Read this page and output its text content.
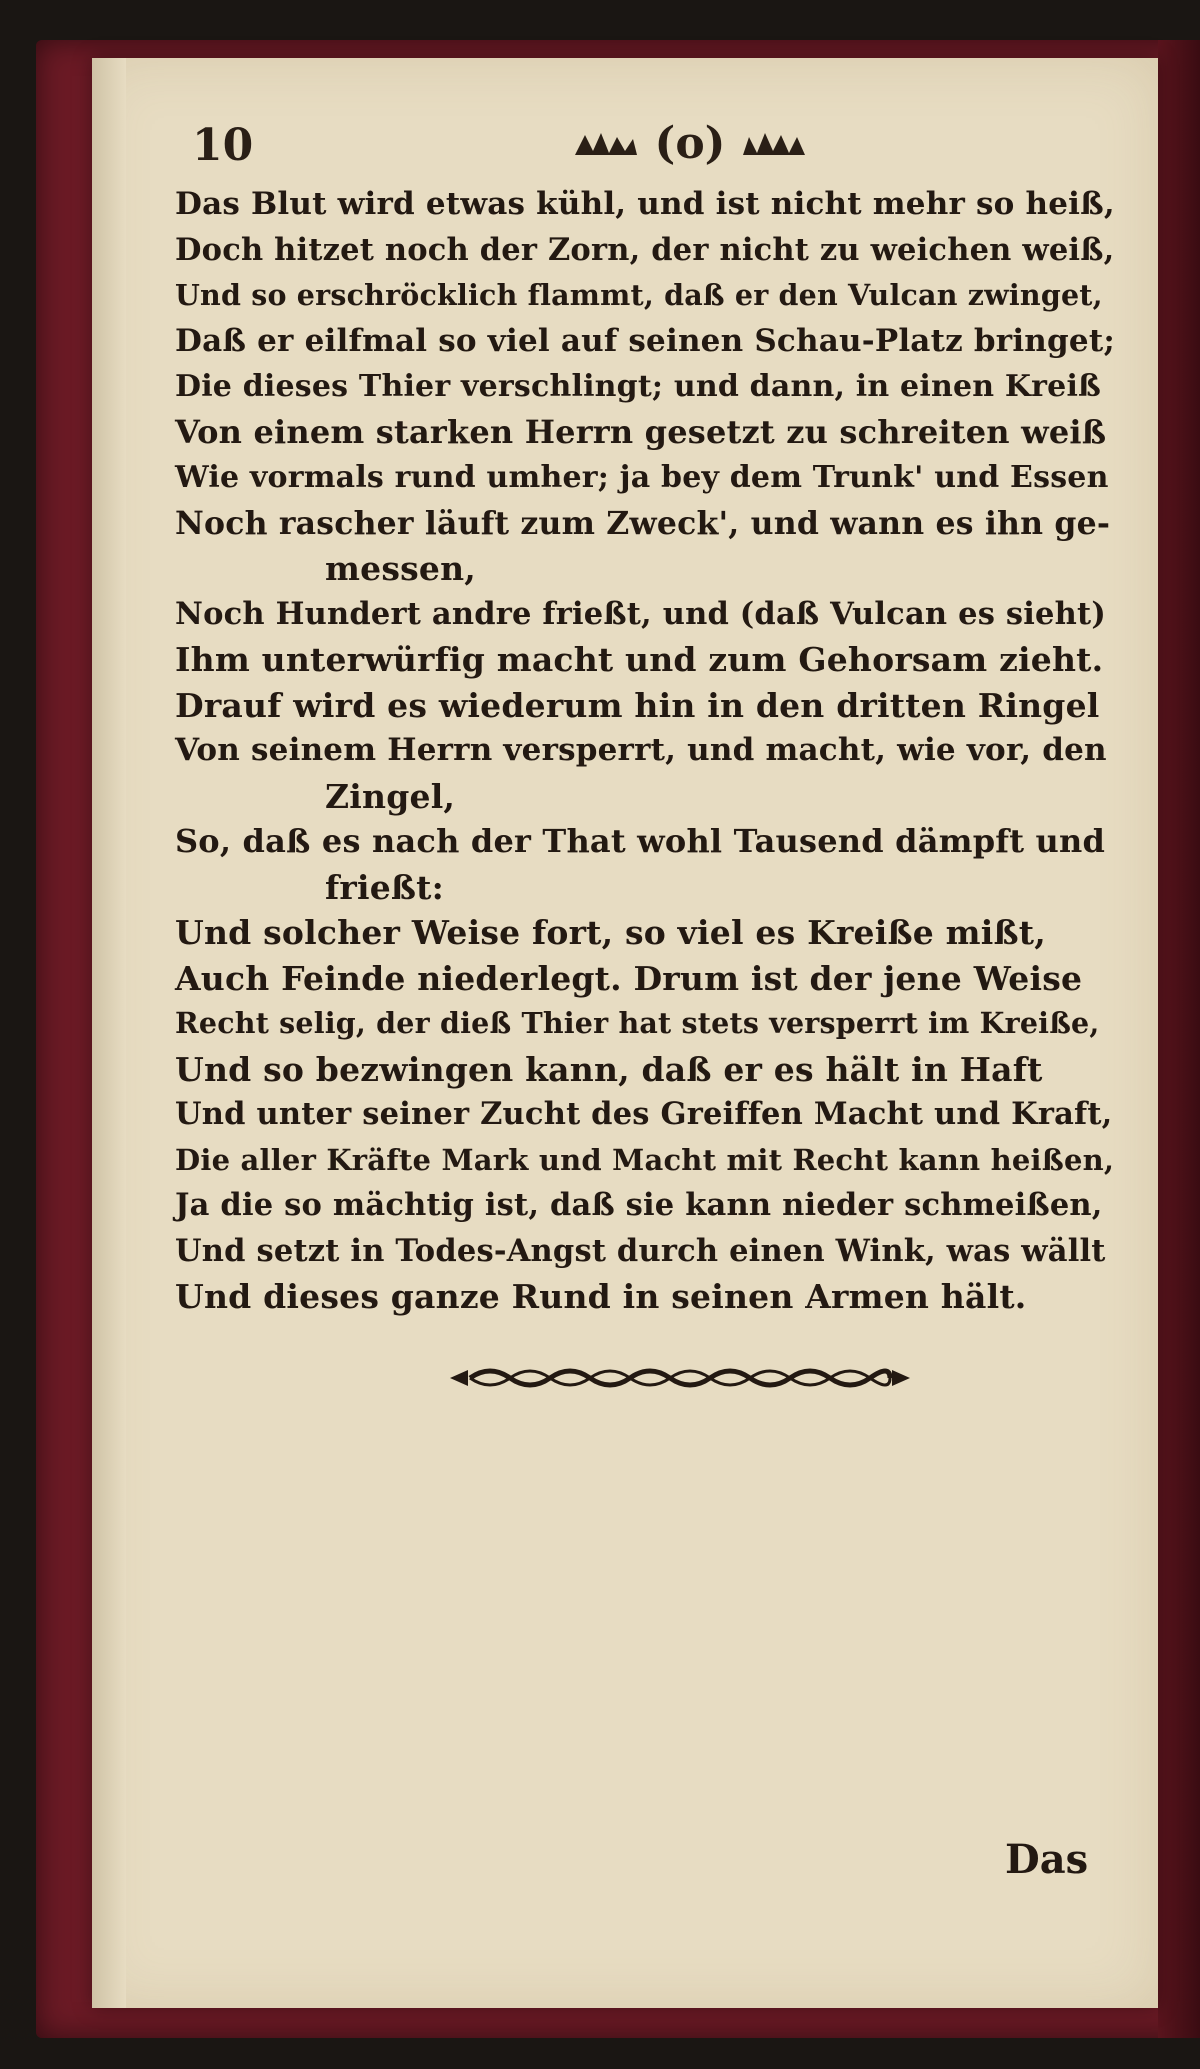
10	(o)
Das Blut wird etwas kühl, und ist nicht mehr so heiß,
Doch hitzet noch der Zorn, der nicht zu weichen weiß,
Und so erschröcklich flammt, daß er den Vulcan zwinget,
Daß er eilfmal so viel auf seinen Schau-Platz bringet;
Die dieses Thier verschlingt; und dann, in einen Kreiß
Von einem starken Herrn gesetzt zu schreiten weiß
Wie vormals rund umher; ja bey dem Trunk' und Essen
Noch rascher läuft zum Zweck', und wann es ihn ge-
messen,
Noch Hundert andre frießt, und (daß Vulcan es sieht)
Ihm unterwürfig macht und zum Gehorsam zieht.
Drauf wird es wiederum hin in den dritten Ringel
Von seinem Herrn versperrt, und macht, wie vor, den
Zingel,
So, daß es nach der That wohl Tausend dämpft und
frießt:
Und solcher Weise fort, so viel es Kreiße mißt,
Auch Feinde niederlegt. Drum ist der jene Weise
Recht selig, der dieß Thier hat stets versperrt im Kreiße,
Und so bezwingen kann, daß er es hält in Haft
Und unter seiner Zucht des Greiffen Macht und Kraft,
Die aller Kräfte Mark und Macht mit Recht kann heißen,
Ja die so mächtig ist, daß sie kann nieder schmeißen,
Und setzt in Todes-Angst durch einen Wink, was wällt
Und dieses ganze Rund in seinen Armen hält.
Das
